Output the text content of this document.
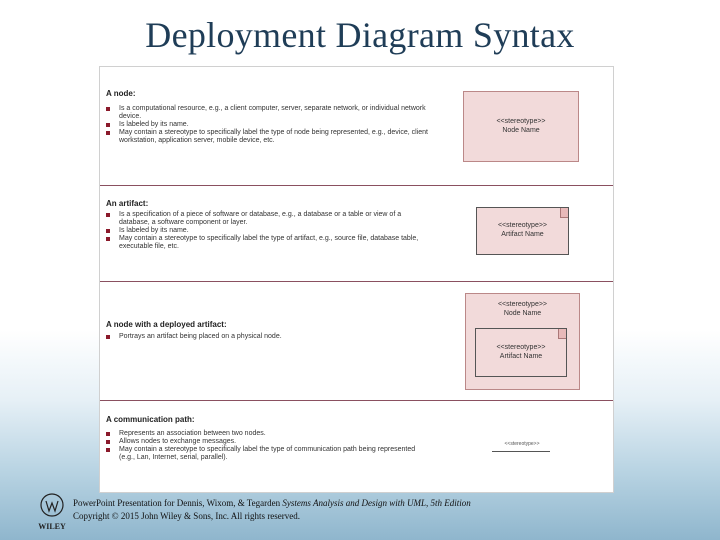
Deployment Diagram Syntax
A node:
Is a computational resource, e.g., a client computer, server, separate network, or individual network device.
Is labeled by its name.
May contain a stereotype to specifically label the type of node being represented, e.g., device, client workstation, application server, mobile device, etc.
<<stereotype>>
Node Name
An artifact:
Is a specification of a piece of software or database, e.g., a database or a table or view of a database, a software component or layer.
Is labeled by its name.
May contain a stereotype to specifically label the type of artifact, e.g., source file, database table, executable file, etc.
<<stereotype>>
Artifact Name
A node with a deployed artifact:
Portrays an artifact being placed on a physical node.
<<stereotype>>
Node Name
<<stereotype>>
Artifact Name
A communication path:
Represents an association between two nodes.
Allows nodes to exchange messages.
May contain a stereotype to specifically label the type of communication path being represented (e.g., Lan, Internet, serial, parallel).
<<stereotype>>
WILEY
PowerPoint Presentation for Dennis, Wixom, & Tegarden Systems Analysis and Design with UML, 5th Edition
Copyright © 2015 John Wiley & Sons, Inc. All rights reserved.
